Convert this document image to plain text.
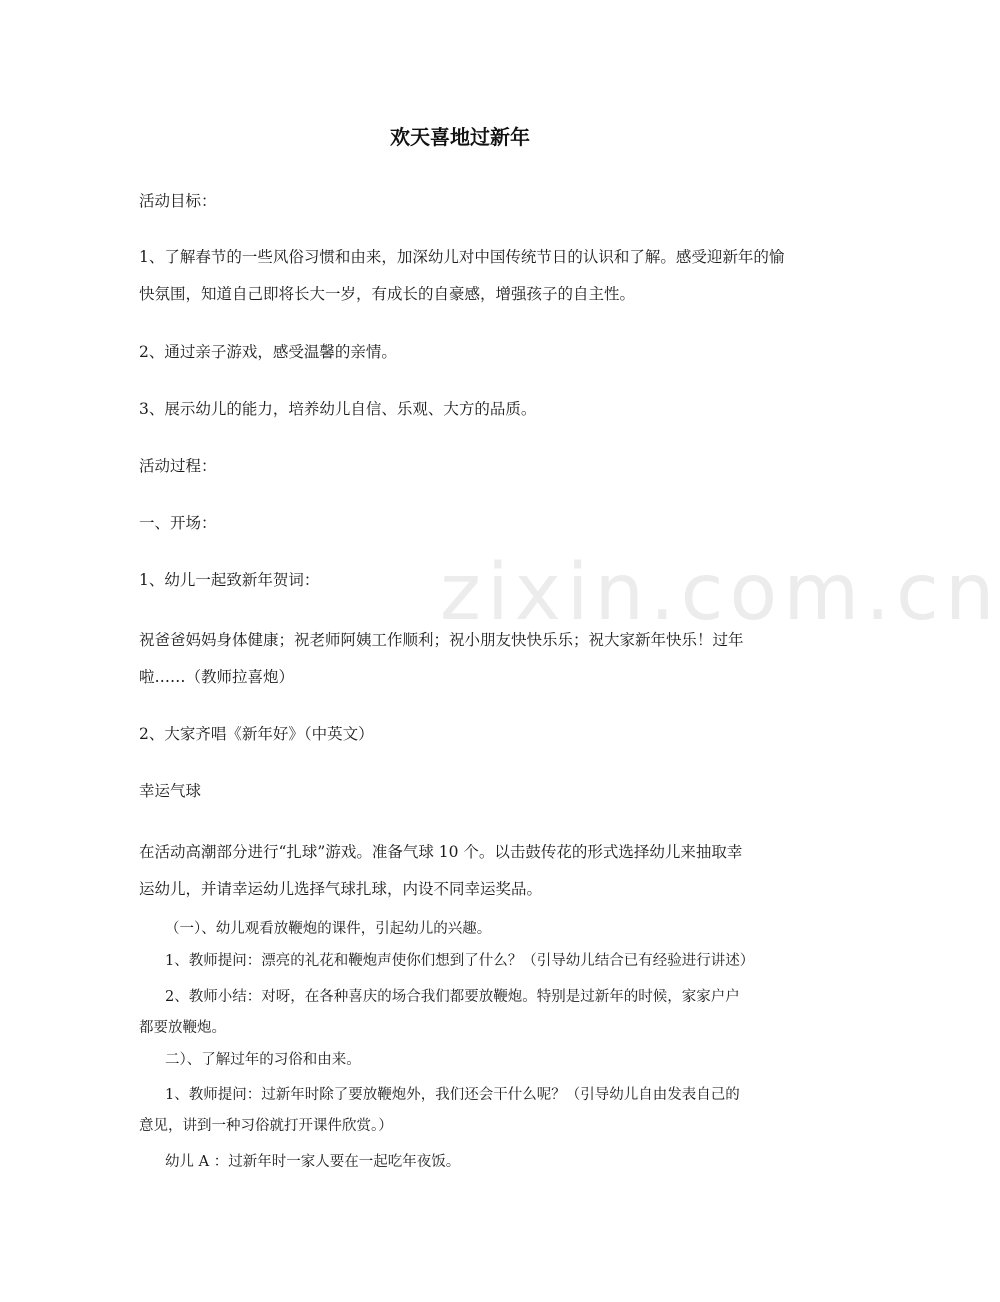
zixin.com.cn
欢天喜地过新年

活动目标：

1、了解春节的一些风俗习惯和由来，加深幼儿对中国传统节日的认识和了解。感受迎新年的愉
快氛围，知道自己即将长大一岁，有成长的自豪感，增强孩子的自主性。

2、通过亲子游戏，感受温馨的亲情。

3、展示幼儿的能力，培养幼儿自信、乐观、大方的品质。

活动过程：

一、开场：

1、幼儿一起致新年贺词：

祝爸爸妈妈身体健康；祝老师阿姨工作顺利；祝小朋友快快乐乐；祝大家新年快乐！过年
啦……（教师拉喜炮）

2、大家齐唱《新年好》（中英文）

幸运气球

在活动高潮部分进行“扎球”游戏。准备气球 10 个。以击鼓传花的形式选择幼儿来抽取幸
运幼儿，并请幸运幼儿选择气球扎球，内设不同幸运奖品。

（一）、幼儿观看放鞭炮的课件，引起幼儿的兴趣。

1、教师提问：漂亮的礼花和鞭炮声使你们想到了什么？（引导幼儿结合已有经验进行讲述）

2、教师小结：对呀，在各种喜庆的场合我们都要放鞭炮。特别是过新年的时候，家家户户

都要放鞭炮。

二）、了解过年的习俗和由来。

1、教师提问：过新年时除了要放鞭炮外，我们还会干什么呢？（引导幼儿自由发表自己的

意见，讲到一种习俗就打开课件欣赏。）

幼儿 A ：过新年时一家人要在一起吃年夜饭。
